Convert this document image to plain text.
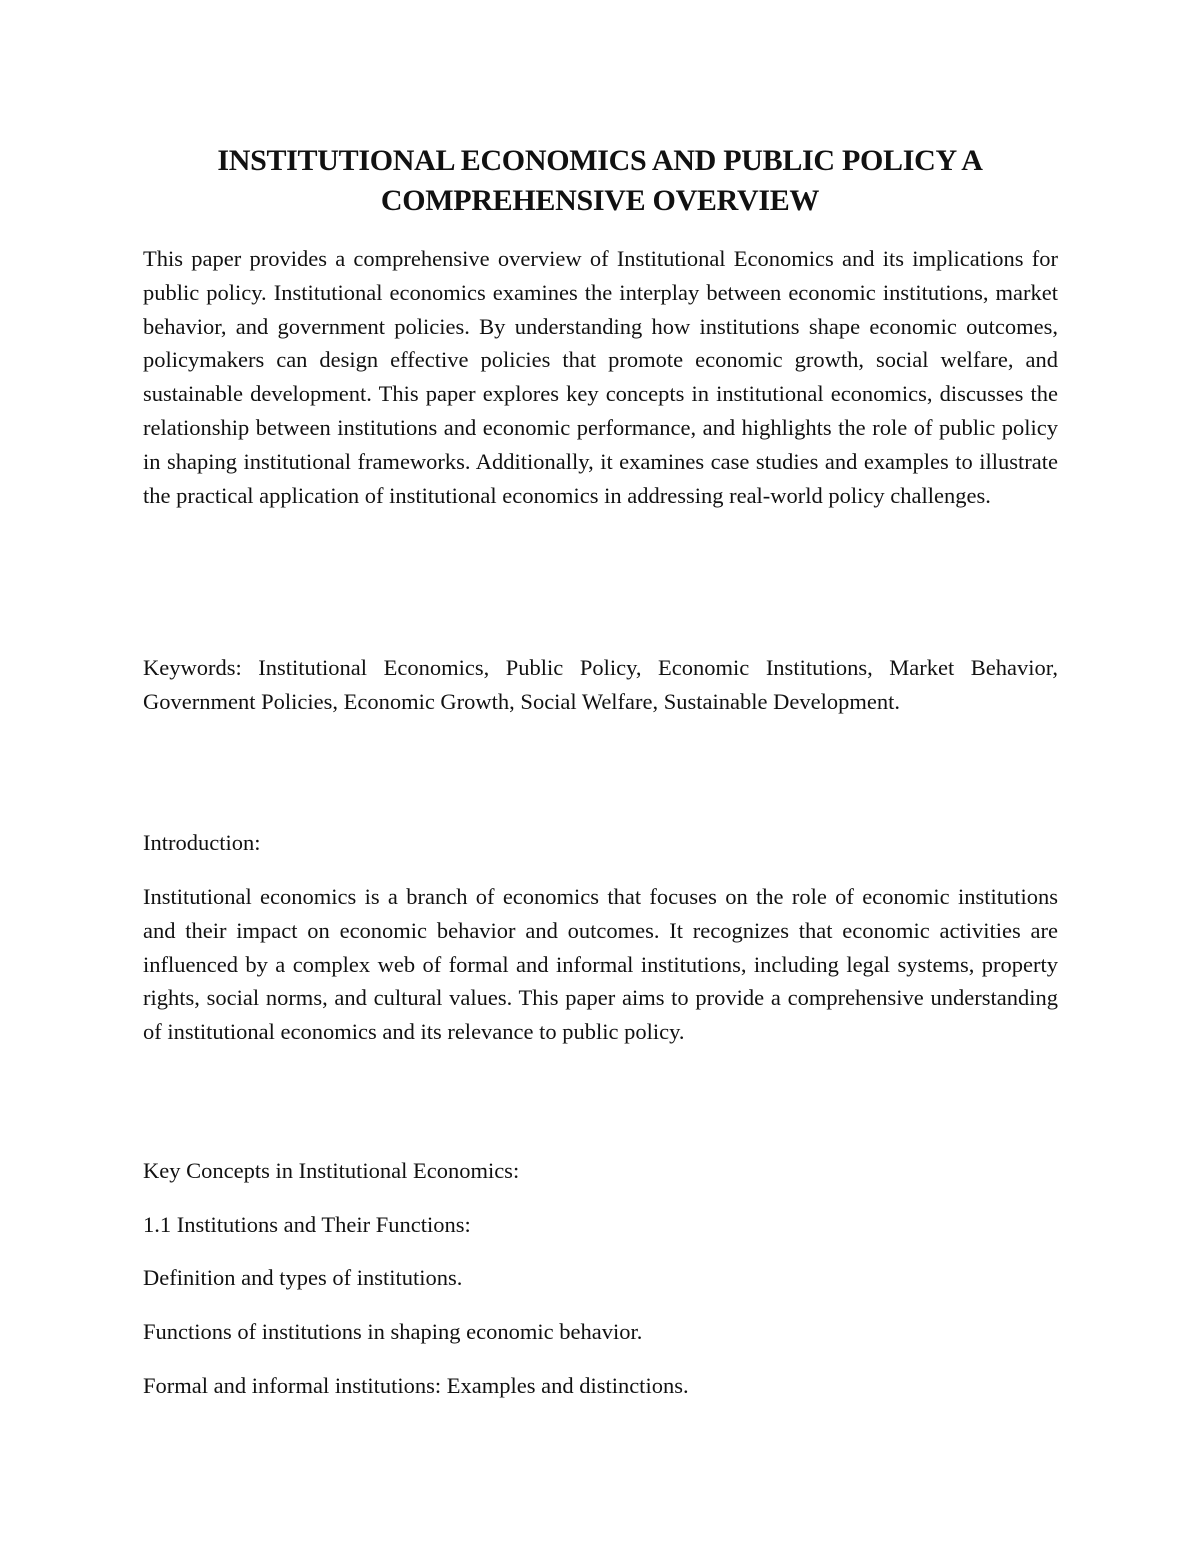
INSTITUTIONAL ECONOMICS AND PUBLIC POLICY A COMPREHENSIVE OVERVIEW

This paper provides a comprehensive overview of Institutional Economics and its implications for public policy. Institutional economics examines the interplay between economic institutions, market behavior, and government policies. By understanding how institutions shape economic outcomes, policymakers can design effective policies that promote economic growth, social welfare, and sustainable development. This paper explores key concepts in institutional economics, discusses the relationship between institutions and economic performance, and highlights the role of public policy in shaping institutional frameworks. Additionally, it examines case studies and examples to illustrate the practical application of institutional economics in addressing real-world policy challenges.

Keywords: Institutional Economics, Public Policy, Economic Institutions, Market Behavior, Government Policies, Economic Growth, Social Welfare, Sustainable Development.

Introduction:

Institutional economics is a branch of economics that focuses on the role of economic institutions and their impact on economic behavior and outcomes. It recognizes that economic activities are influenced by a complex web of formal and informal institutions, including legal systems, property rights, social norms, and cultural values. This paper aims to provide a comprehensive understanding of institutional economics and its relevance to public policy.

Key Concepts in Institutional Economics:

1.1 Institutions and Their Functions:

Definition and types of institutions.

Functions of institutions in shaping economic behavior.

Formal and informal institutions: Examples and distinctions.
